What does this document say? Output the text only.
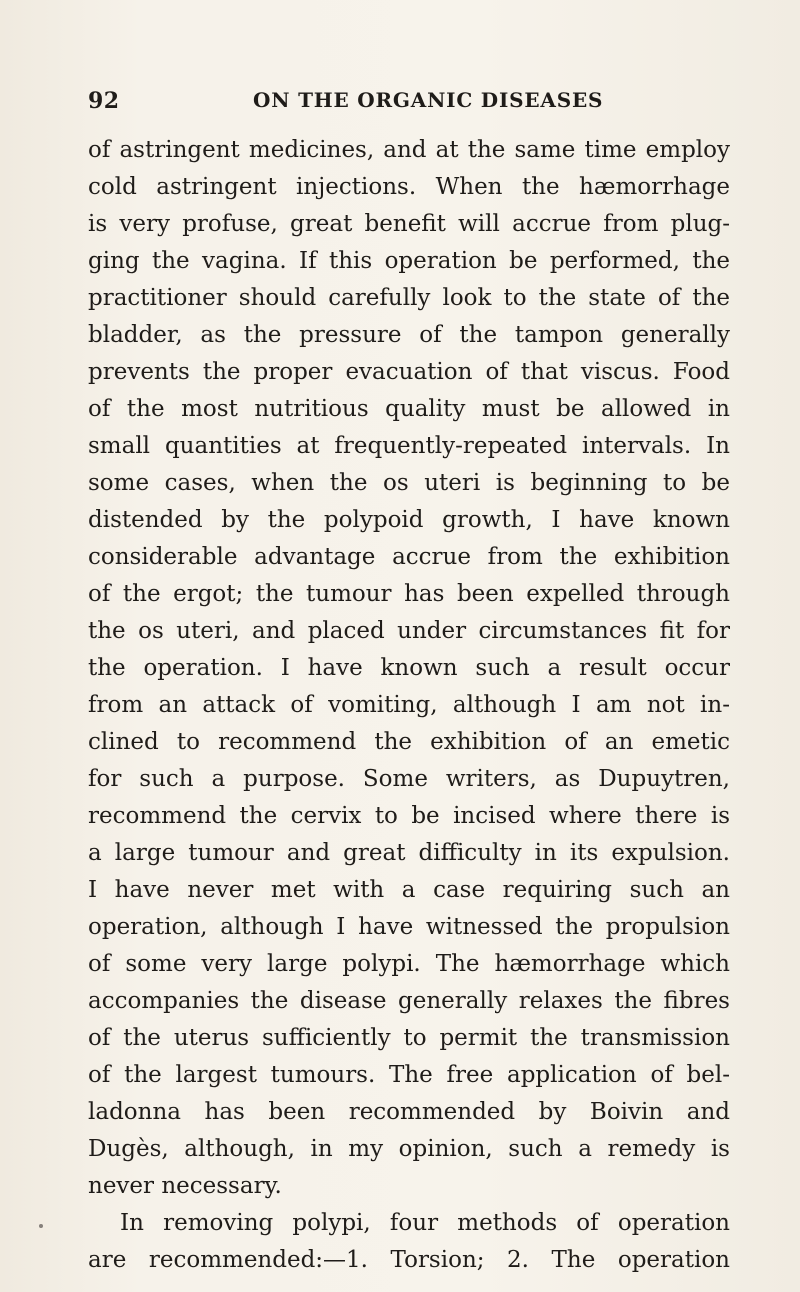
92	ON THE ORGANIC DISEASES
of astringent medicines, and at the same time employ
cold astringent injections. When the hæmorrhage
is very profuse, great benefit will accrue from plug-
ging the vagina. If this operation be performed, the
practitioner should carefully look to the state of the
bladder, as the pressure of the tampon generally
prevents the proper evacuation of that viscus. Food
of the most nutritious quality must be allowed in
small quantities at frequently-repeated intervals. In
some cases, when the os uteri is beginning to be
distended by the polypoid growth, I have known
considerable advantage accrue from the exhibition
of the ergot; the tumour has been expelled through
the os uteri, and placed under circumstances fit for
the operation. I have known such a result occur
from an attack of vomiting, although I am not in-
clined to recommend the exhibition of an emetic
for such a purpose. Some writers, as Dupuytren,
recommend the cervix to be incised where there is
a large tumour and great difficulty in its expulsion.
I have never met with a case requiring such an
operation, although I have witnessed the propulsion
of some very large polypi. The hæmorrhage which
accompanies the disease generally relaxes the fibres
of the uterus sufficiently to permit the transmission
of the largest tumours. The free application of bel-
ladonna has been recommended by Boivin and
Dugès, although, in my opinion, such a remedy is
never necessary.
In removing polypi, four methods of operation
are recommended:—1. Torsion; 2. The operation
